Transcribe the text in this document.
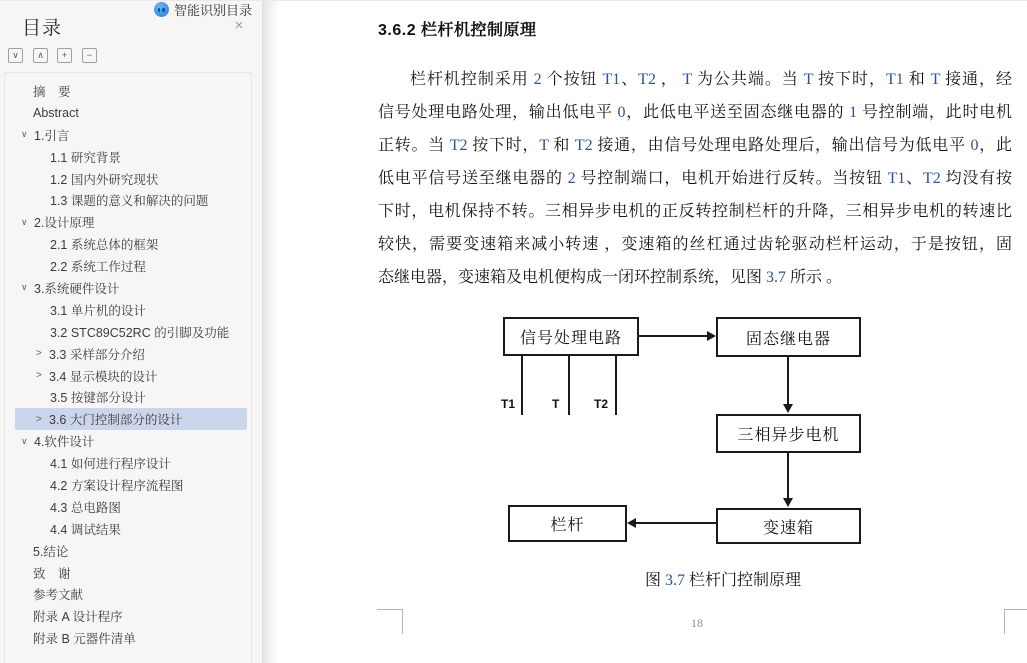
目录	×
∨	∧	+	−
智能识别目录
摘　要
Abstract
∨ 1.引言
1.1 研究背景
1.2 国内外研究现状
1.3 课题的意义和解决的问题
∨ 2.设计原理
2.1 系统总体的框架
2.2 系统工作过程
∨ 3.系统硬件设计
3.1 单片机的设计
3.2 STC89C52RC 的引脚及功能
> 3.3 采样部分介绍
> 3.4 显示模块的设计
3.5 按键部分设计
> 3.6 大门控制部分的设计
∨ 4.软件设计
4.1 如何进行程序设计
4.2 方案设计程序流程图
4.3 总电路图
4.4 调试结果
5.结论
致　谢
参考文献
附录 A 设计程序
附录 B 元器件清单
3.6.2 栏杆机控制原理
栏杆机控制采用 2 个按钮 T1、T2 ， T 为公共端。当 T 按下时，T1 和 T 接通，经
信号处理电路处理，输出低电平 0，此低电平送至固态继电器的 1 号控制端，此时电机
正转。当 T2 按下时，T 和 T2 接通，由信号处理电路处理后，输出信号为低电平 0，此
低电平信号送至继电器的 2 号控制端口，电机开始进行反转。当按钮 T1、T2 均没有按
下时，电机保持不转。三相异步电机的正反转控制栏杆的升降，三相异步电机的转速比
较快，需要变速箱来减小转速 ，变速箱的丝杠通过齿轮驱动栏杆运动，于是按钮，固
态继电器，变速箱及电机便构成一闭环控制系统，见图 3.7 所示 。
图 3.7 栏杆门控制原理
信号处理电路	固态继电器
三相异步电机
变速箱
栏杆
T1	T	T2
18
